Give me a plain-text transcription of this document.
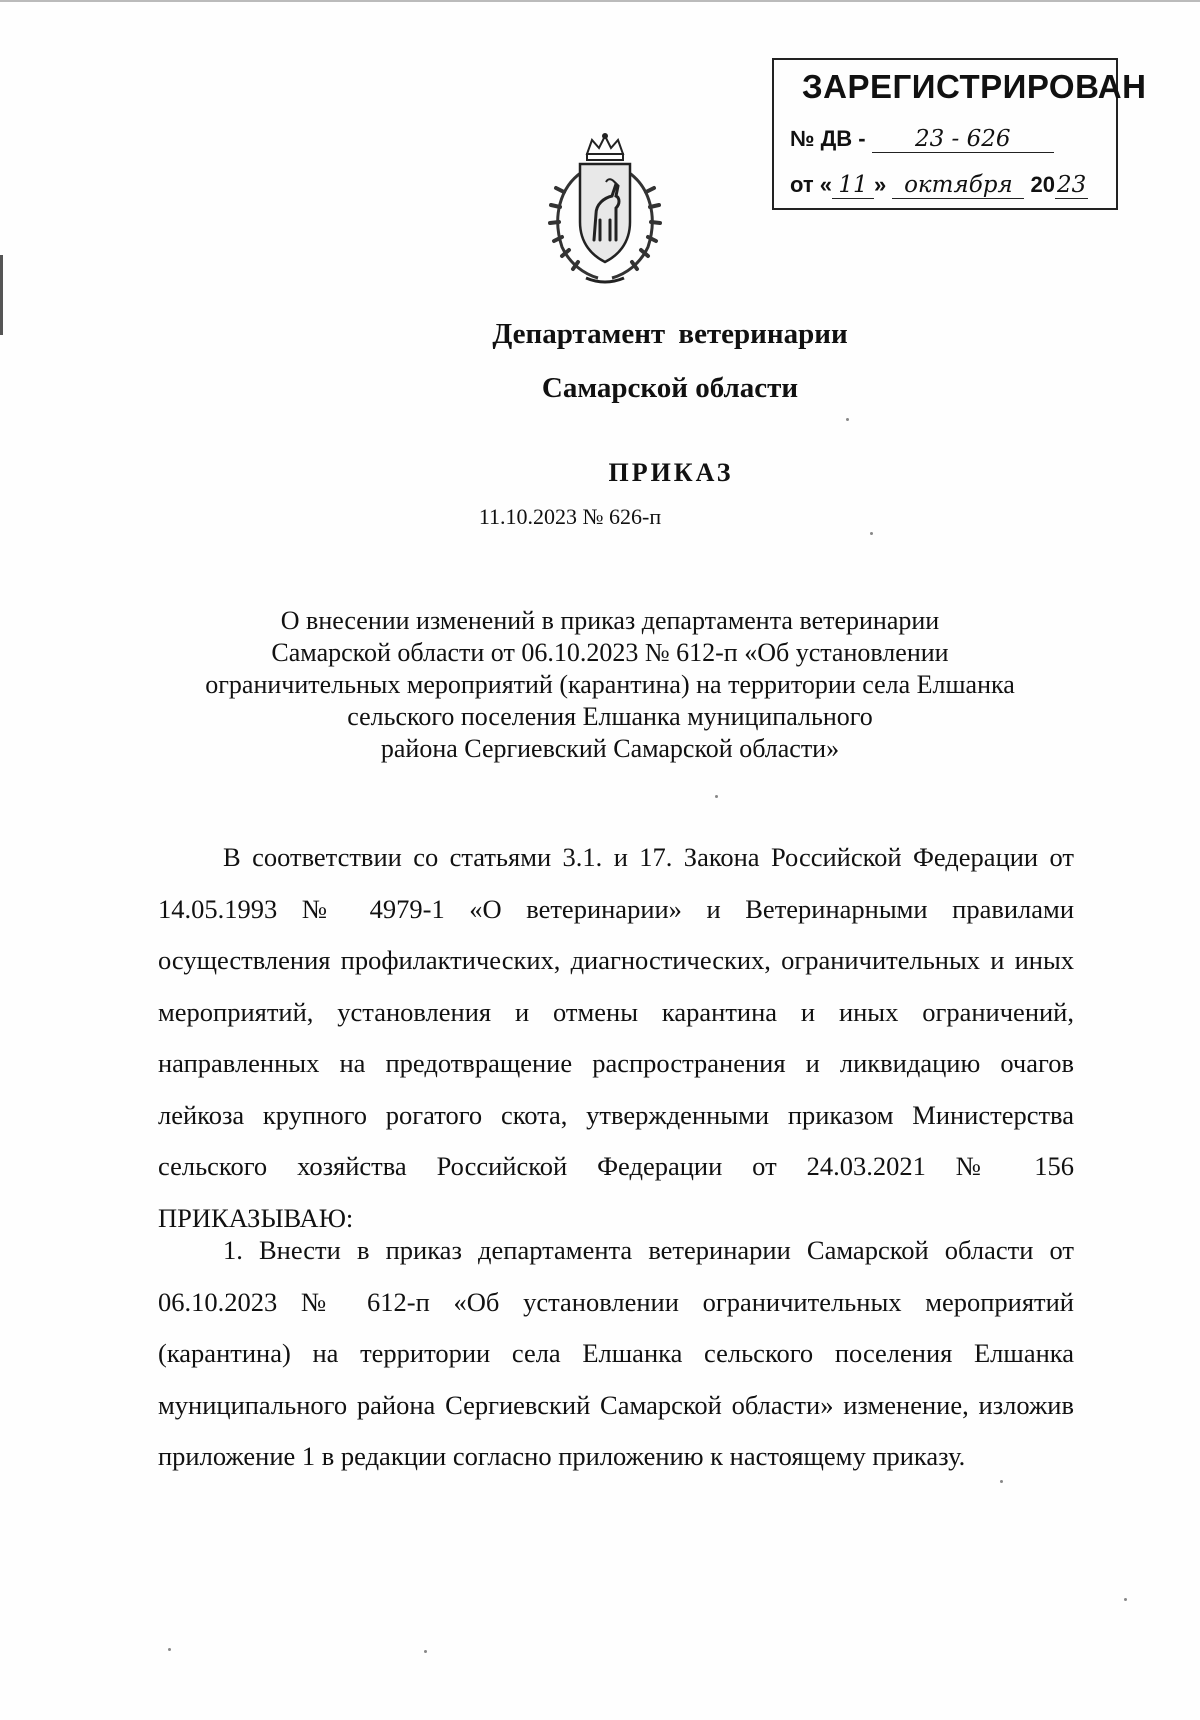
ЗАРЕГИСТРИРОВАН
№ ДВ - 23 - 626
от « 11 » октября 2023
Департамент ветеринарии
Самарской области
ПРИКАЗ
11.10.2023 № 626-п
О внесении изменений в приказ департамента ветеринарии
Самарской области от 06.10.2023 № 612-п «Об установлении
ограничительных мероприятий (карантина) на территории села Елшанка
сельского поселения Елшанка муниципального
района Сергиевский Самарской области»
В соответствии со статьями 3.1. и 17. Закона Российской Федерации от 14.05.1993 № 4979-1 «О ветеринарии» и Ветеринарными правилами осуществления профилактических, диагностических, ограничительных и иных мероприятий, установления и отмены карантина и иных ограничений, направленных на предотвращение распространения и ликвидацию очагов лейкоза крупного рогатого скота, утвержденными приказом Министерства сельского хозяйства Российской Федерации от 24.03.2021 № 156 ПРИКАЗЫВАЮ:
1. Внести в приказ департамента ветеринарии Самарской области от 06.10.2023 № 612-п «Об установлении ограничительных мероприятий (карантина) на территории села Елшанка сельского поселения Елшанка муниципального района Сергиевский Самарской области» изменение, изложив приложение 1 в редакции согласно приложению к настоящему приказу.
